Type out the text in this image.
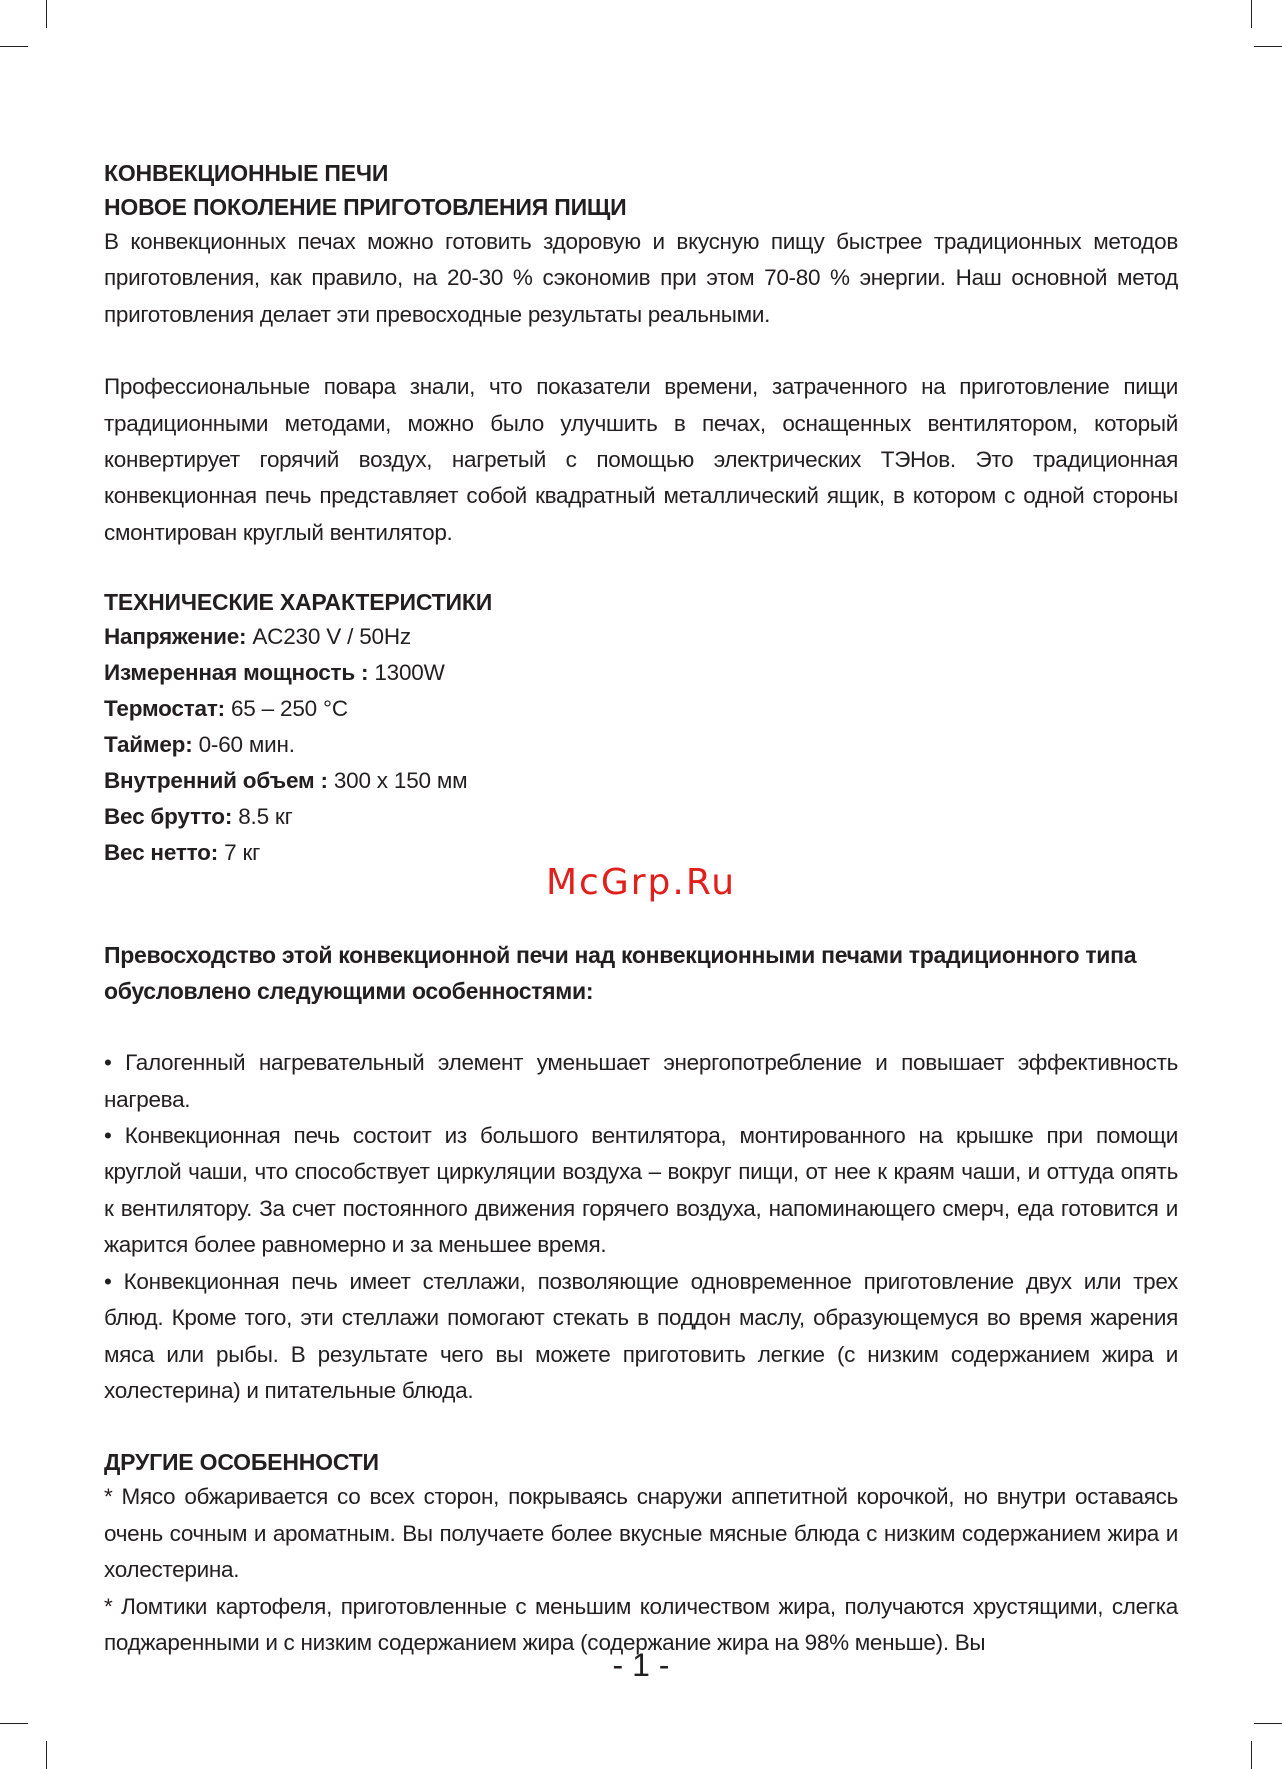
КОНВЕКЦИОННЫЕ ПЕЧИ
НОВОЕ ПОКОЛЕНИЕ ПРИГОТОВЛЕНИЯ ПИЩИ

В конвекционных печах можно готовить здоровую и вкусную пищу быстрее традиционных методов приготовления, как правило, на 20-30 % сэкономив при этом 70-80 % энергии. Наш основной метод приготовления делает эти превосходные результаты реальными.

Профессиональные повара знали, что показатели времени, затраченного на приготовление пищи традиционными методами, можно было улучшить в печах, оснащенных вентилятором, который конвертирует горячий воздух, нагретый с помощью электрических ТЭНов. Это традиционная конвекционная печь представляет собой квадратный металлический ящик, в котором с одной стороны смонтирован круглый вентилятор.

ТЕХНИЧЕСКИЕ ХАРАКТЕРИСТИКИ
Напряжение: AC230 V / 50Hz
Измеренная мощность : 1300W
Термостат: 65 – 250 °C
Таймер: 0-60 мин.
Внутренний объем : 300 х 150 мм
Вес брутто: 8.5 кг
Вес нетто: 7 кг

Превосходство этой конвекционной печи над конвекционными печами традиционного типа обусловлено следующими особенностями:

• Галогенный нагревательный элемент уменьшает энергопотребление и повышает эффективность нагрева.

• Конвекционная печь состоит из большого вентилятора, монтированного на крышке при помощи круглой чаши, что способствует циркуляции воздуха – вокруг пищи, от нее к краям чаши, и оттуда опять к вентилятору. За счет постоянного движения горячего воздуха, напоминающего смерч, еда готовится и жарится более равномерно и за меньшее время.

• Конвекционная печь имеет стеллажи, позволяющие одновременное приготовление двух или трех блюд. Кроме того, эти стеллажи помогают стекать в поддон маслу, образующемуся во время жарения мяса или рыбы. В результате чего вы можете приготовить легкие (с низким содержанием жира и холестерина) и питательные блюда.

ДРУГИЕ ОСОБЕННОСТИ

* Мясо обжаривается со всех сторон, покрываясь снаружи аппетитной корочкой, но внутри оставаясь очень сочным и ароматным. Вы получаете более вкусные мясные блюда с низким содержанием жира и холестерина.

* Ломтики картофеля, приготовленные с меньшим количеством жира, получаются хрустящими, слегка поджаренными и с низким содержанием жира (содержание жира на 98% меньше). Вы

McGrp.Ru
- 1 -
